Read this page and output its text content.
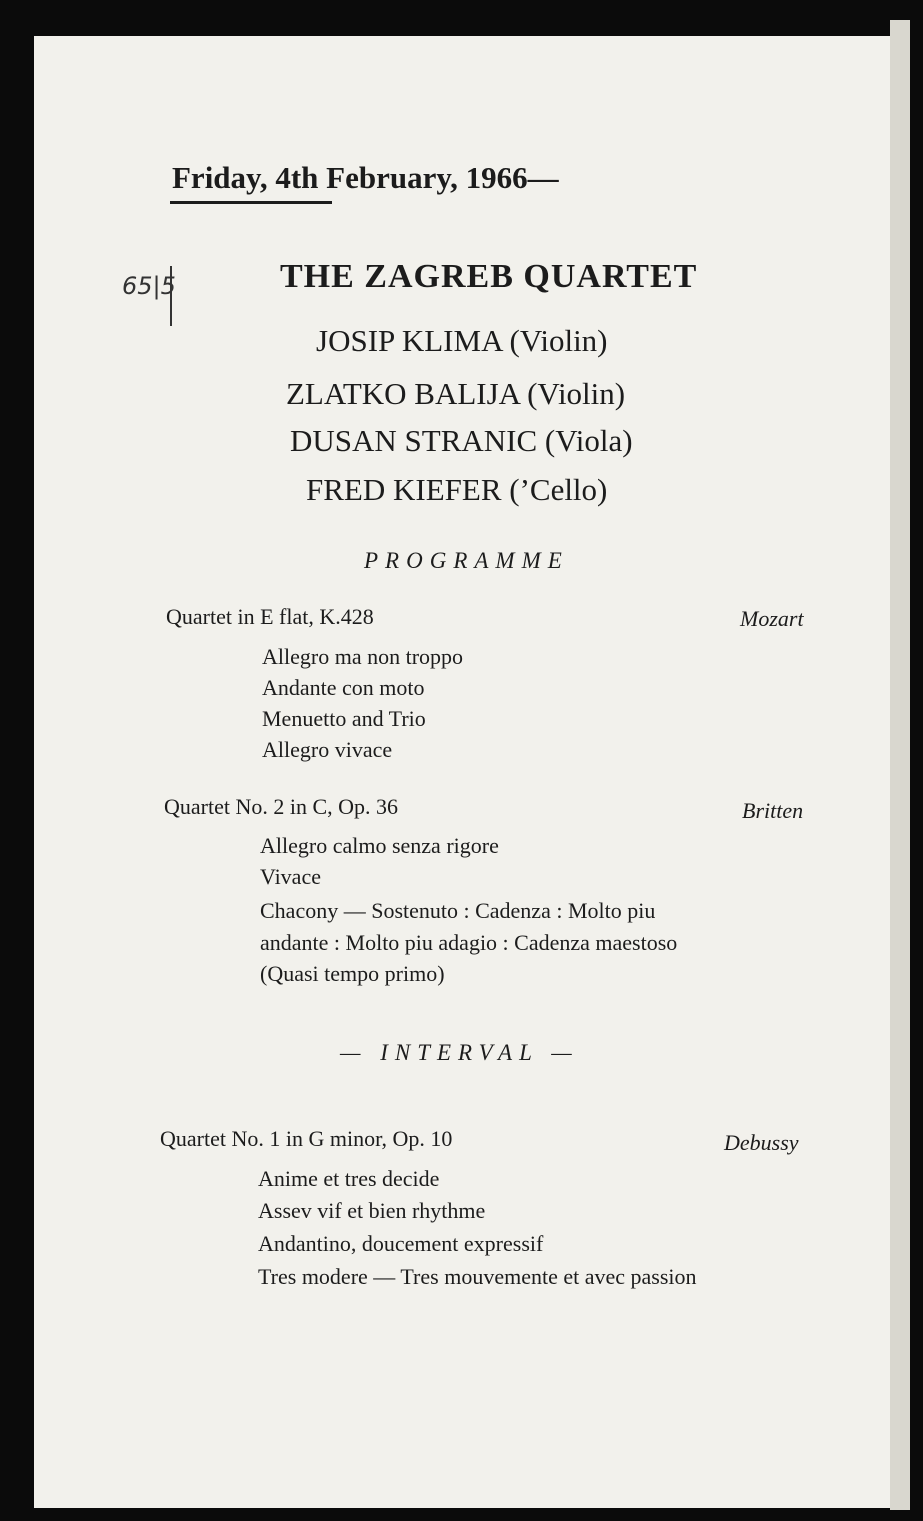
Friday, 4th February, 1966—
65|5	THE ZAGREB QUARTET
JOSIP KLIMA (Violin)
ZLATKO BALIJA (Violin)
DUSAN STRANIC (Viola)
FRED KIEFER (’Cello)
PROGRAMME
Quartet in E flat, K.428	Mozart
Allegro ma non troppo
Andante con moto
Menuetto and Trio
Allegro vivace
Quartet No. 2 in C, Op. 36	Britten
Allegro calmo senza rigore
Vivace
Chacony — Sostenuto : Cadenza : Molto piu
andante : Molto piu adagio : Cadenza maestoso
(Quasi tempo primo)
— INTERVAL —
Quartet No. 1 in G minor, Op. 10	Debussy
Anime et tres decide
Assev vif et bien rhythme
Andantino, doucement expressif
Tres modere — Tres mouvemente et avec passion
